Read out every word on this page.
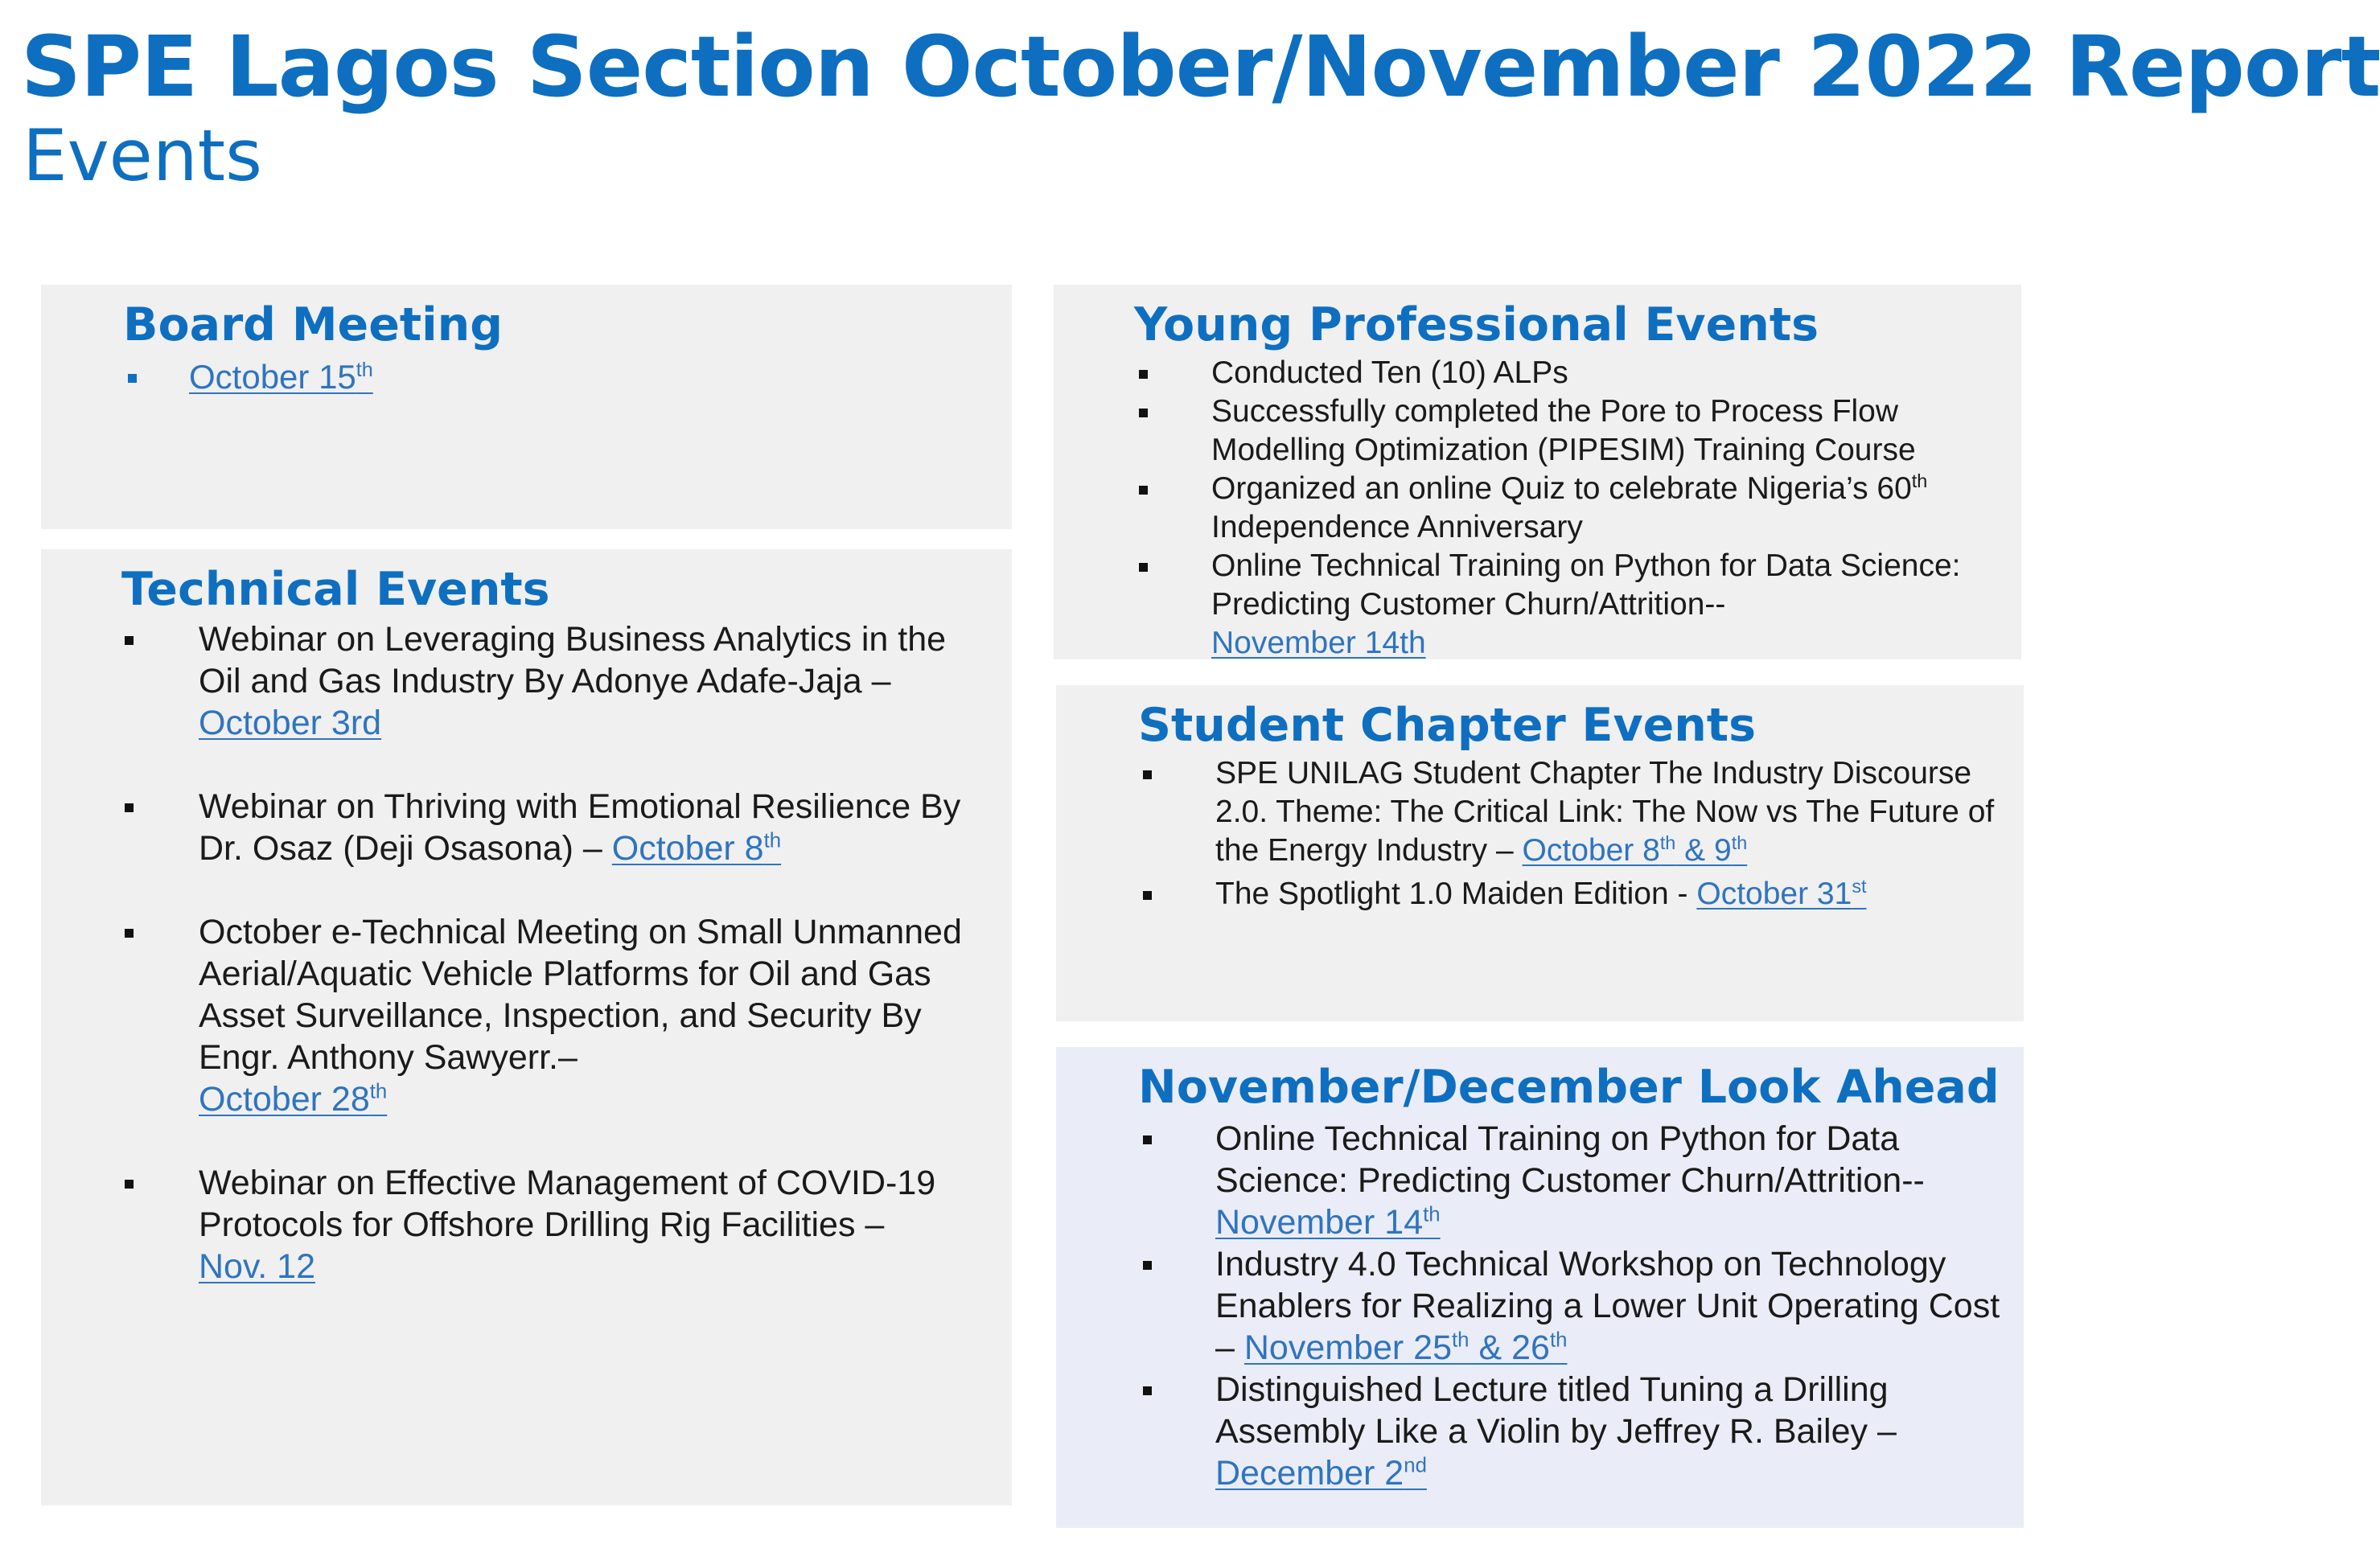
SPE Lagos Section October/November 2022 Report
Events
Board Meeting
October 15th
Technical Events
Webinar on Leveraging Business Analytics in the Oil and Gas Industry By Adonye Adafe-Jaja – October 3rd
Webinar on Thriving with Emotional Resilience By Dr. Osaz (Deji Osasona) – October 8th
October e-Technical Meeting on Small Unmanned Aerial/Aquatic Vehicle Platforms for Oil and Gas Asset Surveillance, Inspection, and Security By Engr. Anthony Sawyerr.–
October 28th
Webinar on Effective Management of COVID-19 Protocols for Offshore Drilling Rig Facilities –
Nov. 12
Young Professional Events
Conducted Ten (10) ALPs
Successfully completed the Pore to Process Flow Modelling Optimization (PIPESIM) Training Course
Organized an online Quiz to celebrate Nigeria’s 60th Independence Anniversary
Online Technical Training on Python for Data Science: Predicting Customer Churn/Attrition--
November 14th
Student Chapter Events
SPE UNILAG Student Chapter The Industry Discourse 2.0. Theme: The Critical Link: The Now vs The Future of the Energy Industry – October 8th & 9th
The Spotlight 1.0 Maiden Edition - October 31st
November/December Look Ahead
Online Technical Training on Python for Data Science: Predicting Customer Churn/Attrition--
November 14th
Industry 4.0 Technical Workshop on Technology Enablers for Realizing a Lower Unit Operating Cost – November 25th & 26th
Distinguished Lecture titled Tuning a Drilling Assembly Like a Violin by Jeffrey R. Bailey –
December 2nd
